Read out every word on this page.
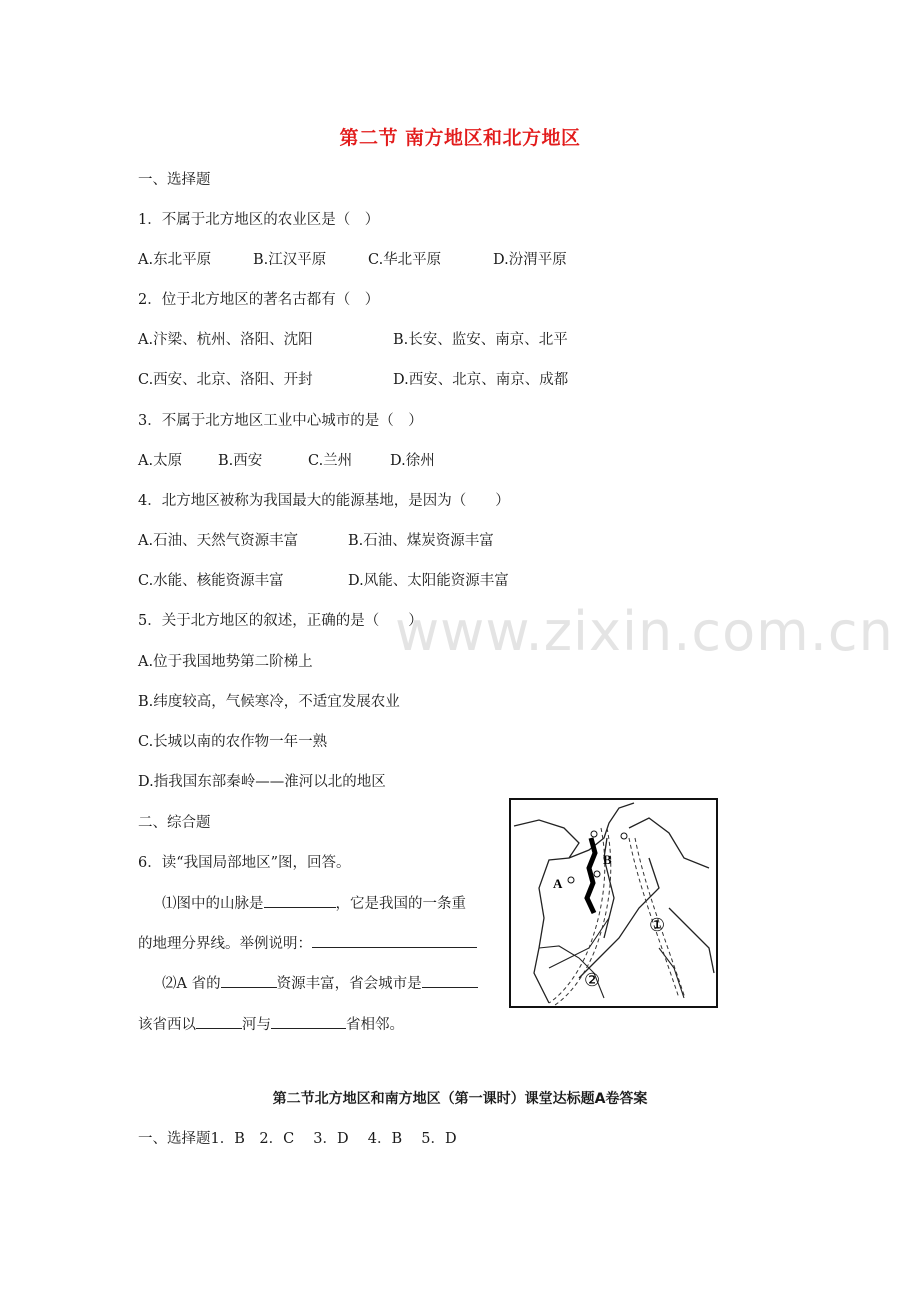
www.zixin.com.cn
第二节 南方地区和北方地区
一、选择题
1．不属于北方地区的农业区是（　）
A.东北平原	B.江汉平原	C.华北平原	D.汾渭平原
2．位于北方地区的著名古都有（　）
A.汴梁、杭州、洛阳、沈阳	B.长安、监安、南京、北平
C.西安、北京、洛阳、开封	D.西安、北京、南京、成都
3．不属于北方地区工业中心城市的是（　）
A.太原 B.西安	C.兰州	D.徐州
4．北方地区被称为我国最大的能源基地，是因为（　　）
A.石油、天然气资源丰富	B.石油、煤炭资源丰富
C.水能、核能资源丰富	D.风能、太阳能资源丰富
5．关于北方地区的叙述，正确的是（　　）
A.位于我国地势第二阶梯上
B.纬度较高，气候寒冷，不适宜发展农业
C.长城以南的农作物一年一熟
D.指我国东部秦岭——淮河以北的地区
二、综合题
6．读“我国局部地区”图，回答。
⑴图中的山脉是	，它是我国的一条重
的地理分界线。举例说明：
⑵A 省的	资源丰富，省会城市是
该省西以	河与	省相邻。
A
B
①
②
第二节北方地区和南方地区（第一课时）课堂达标题A卷答案
一、选择题1．B　2．C　 3．D　 4．B　 5．D
